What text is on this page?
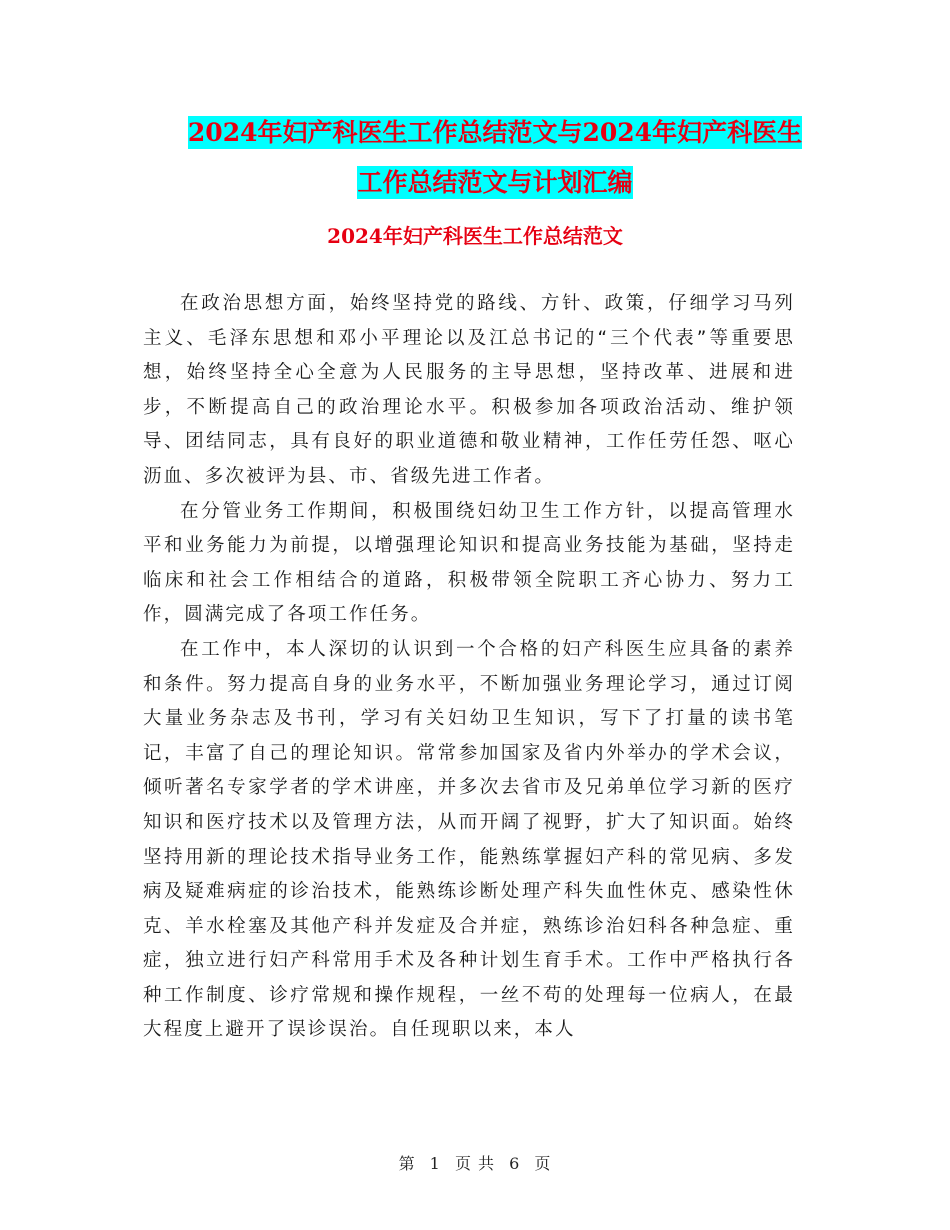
2024年妇产科医生工作总结范文与2024年妇产科医生
工作总结范文与计划汇编
2024年妇产科医生工作总结范文

在政治思想方面，始终坚持党的路线、方针、政策，仔细学习马列主义、毛泽东思想和邓小平理论以及江总书记的“三个代表”等重要思想，始终坚持全心全意为人民服务的主导思想，坚持改革、进展和进步，不断提高自己的政治理论水平。积极参加各项政治活动、维护领导、团结同志，具有良好的职业道德和敬业精神，工作任劳任怨、呕心沥血、多次被评为县、市、省级先进工作者。

在分管业务工作期间，积极围绕妇幼卫生工作方针，以提高管理水平和业务能力为前提，以增强理论知识和提高业务技能为基础，坚持走临床和社会工作相结合的道路，积极带领全院职工齐心协力、努力工作，圆满完成了各项工作任务。

在工作中，本人深切的认识到一个合格的妇产科医生应具备的素养和条件。努力提高自身的业务水平，不断加强业务理论学习，通过订阅大量业务杂志及书刊，学习有关妇幼卫生知识，写下了打量的读书笔记，丰富了自己的理论知识。常常参加国家及省内外举办的学术会议，倾听著名专家学者的学术讲座，并多次去省市及兄弟单位学习新的医疗知识和医疗技术以及管理方法，从而开阔了视野，扩大了知识面。始终坚持用新的理论技术指导业务工作，能熟练掌握妇产科的常见病、多发病及疑难病症的诊治技术，能熟练诊断处理产科失血性休克、感染性休克、羊水栓塞及其他产科并发症及合并症，熟练诊治妇科各种急症、重症，独立进行妇产科常用手术及各种计划生育手术。工作中严格执行各种工作制度、诊疗常规和操作规程，一丝不苟的处理每一位病人，在最大程度上避开了误诊误治。自任现职以来，本人

第 1 页 共 6 页
